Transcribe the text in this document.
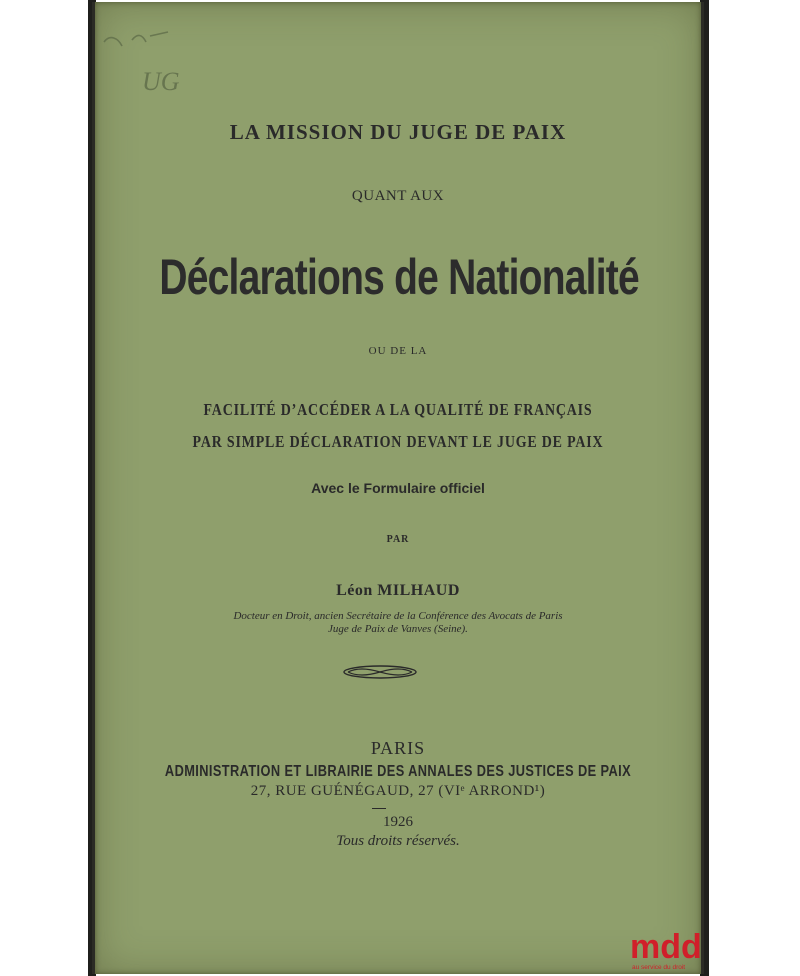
UG
LA MISSION DU JUGE DE PAIX
QUANT AUX
Déclarations de Nationalité
OU DE LA
FACILITÉ D’ACCÉDER A LA QUALITÉ DE FRANÇAIS
PAR SIMPLE DÉCLARATION DEVANT LE JUGE DE PAIX
Avec le Formulaire officiel
PAR
Léon MILHAUD
Docteur en Droit, ancien Secrétaire de la Conférence des Avocats de Paris
Juge de Paix de Vanves (Seine).
PARIS
ADMINISTRATION ET LIBRAIRIE DES ANNALES DES JUSTICES DE PAIX
27, RUE GUÉNÉGAUD, 27 (VIᵉ ARROND¹)
1926
Tous droits réservés.
mdd
au service du droit
